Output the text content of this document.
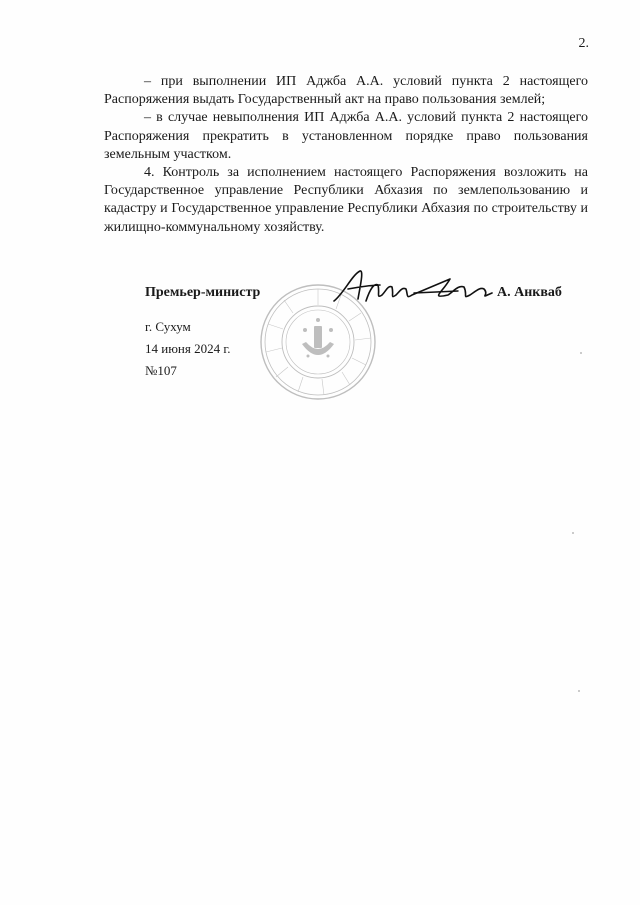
2.

– при выполнении ИП Аджба А.А. условий пункта 2 настоящего Распоряжения выдать Государственный акт на право пользования землей;

– в случае невыполнения ИП Аджба А.А. условий пункта 2 настоящего Распоряжения прекратить в установленном порядке право пользования земельным участком.

4. Контроль за исполнением настоящего Распоряжения возложить на Государственное управление Республики Абхазия по землепользованию и кадастру и Государственное управление Республики Абхазия по строительству и жилищно-коммунальному хозяйству.

Премьер-министр	А. Анкваб
г. Сухум
14 июня 2024 г.
№107
